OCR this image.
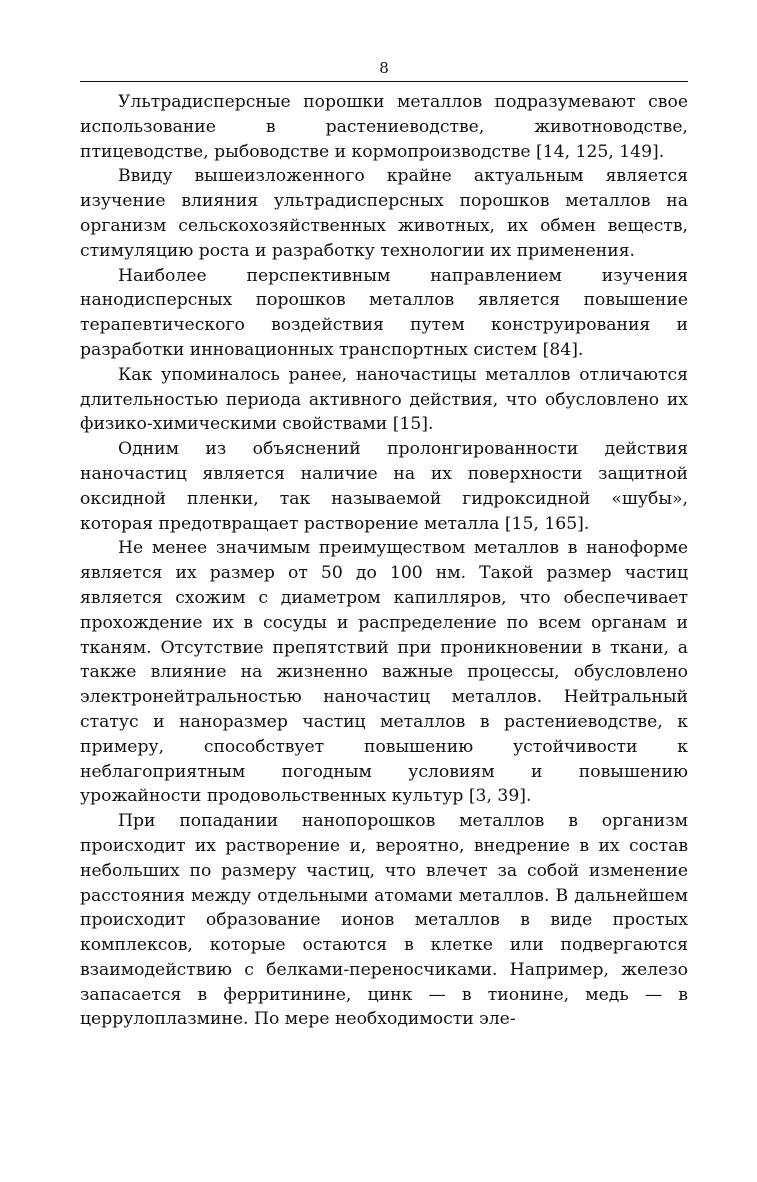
8

Ультрадисперсные порошки металлов подразумевают свое использование в растениеводстве, животноводстве, птицеводстве, рыбоводстве и кормопроизводстве [14, 125, 149].

Ввиду вышеизложенного крайне актуальным является изучение влияния ультрадисперсных порошков металлов на организм сельскохозяйственных животных, их обмен веществ, стимуляцию роста и разработку технологии их применения.

Наиболее перспективным направлением изучения нанодисперсных порошков металлов является повышение терапевтического воздействия путем конструирования и разработки инновационных транспортных систем [84].

Как упоминалось ранее, наночастицы металлов отличаются длительностью периода активного действия, что обусловлено их физико-химическими свойствами [15].

Одним из объяснений пролонгированности действия наночастиц является наличие на их поверхности защитной оксидной пленки, так называемой гидроксидной «шубы», которая предотвращает растворение металла [15, 165].

Не менее значимым преимуществом металлов в наноформе является их размер от 50 до 100 нм. Такой размер частиц является схожим с диаметром капилляров, что обеспечивает прохождение их в сосуды и распределение по всем органам и тканям. Отсутствие препятствий при проникновении в ткани, а также влияние на жизненно важные процессы, обусловлено электронейтральностью наночастиц металлов. Нейтральный статус и наноразмер частиц металлов в растениеводстве, к примеру, способствует повышению устойчивости к неблагоприятным погодным условиям и повышению урожайности продовольственных культур [3, 39].

При попадании нанопорошков металлов в организм происходит их растворение и, вероятно, внедрение в их состав небольших по размеру частиц, что влечет за собой изменение расстояния между отдельными атомами металлов. В дальнейшем происходит образование ионов металлов в виде простых комплексов, которые остаются в клетке или подвергаются взаимодействию с белками-переносчиками. Например, железо запасается в ферритинине, цинк — в тионине, медь — в церрулоплазмине. По мере необходимости эле-
